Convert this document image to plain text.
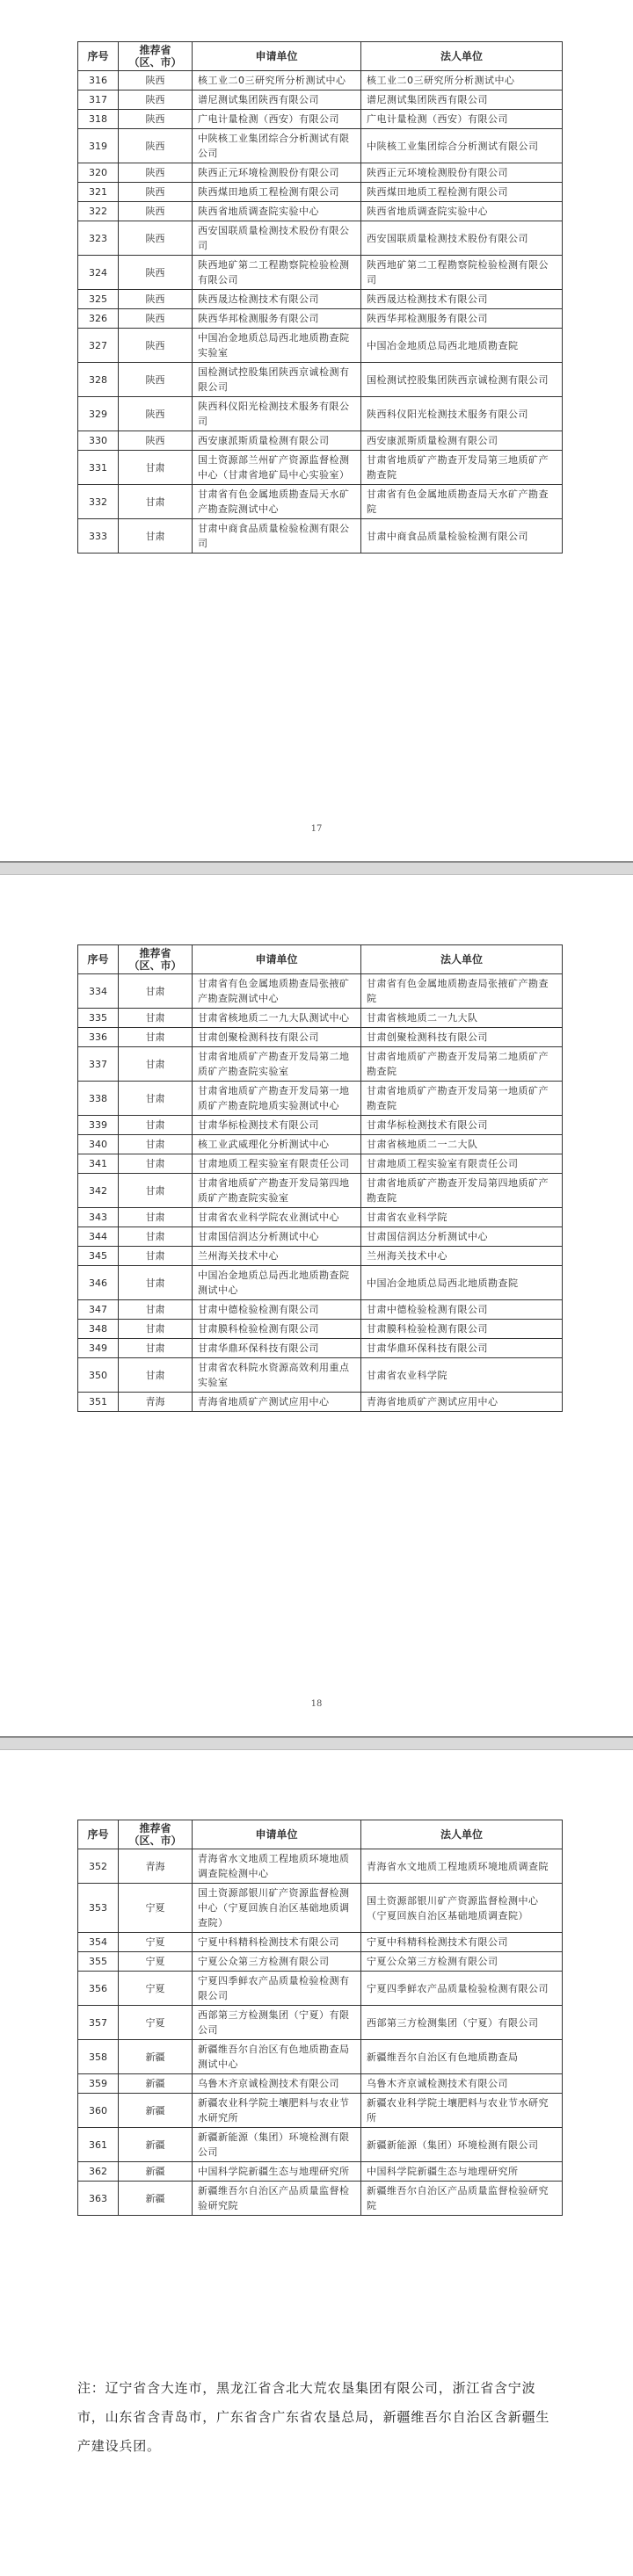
序号	推荐省（区、市）	申请单位	法人单位
316	陕西	核工业二0三研究所分析测试中心	核工业二0三研究所分析测试中心
317	陕西	谱尼测试集团陕西有限公司	谱尼测试集团陕西有限公司
318	陕西	广电计量检测（西安）有限公司	广电计量检测（西安）有限公司
319	陕西	中陕核工业集团综合分析测试有限公司	中陕核工业集团综合分析测试有限公司
320	陕西	陕西正元环境检测股份有限公司	陕西正元环境检测股份有限公司
321	陕西	陕西煤田地质工程检测有限公司	陕西煤田地质工程检测有限公司
322	陕西	陕西省地质调查院实验中心	陕西省地质调查院实验中心
323	陕西	西安国联质量检测技术股份有限公司	西安国联质量检测技术股份有限公司
324	陕西	陕西地矿第二工程勘察院检验检测有限公司	陕西地矿第二工程勘察院检验检测有限公司
325	陕西	陕西晟达检测技术有限公司	陕西晟达检测技术有限公司
326	陕西	陕西华邦检测服务有限公司	陕西华邦检测服务有限公司
327	陕西	中国冶金地质总局西北地质勘查院实验室	中国冶金地质总局西北地质勘查院
328	陕西	国检测试控股集团陕西京诚检测有限公司	国检测试控股集团陕西京诚检测有限公司
329	陕西	陕西科仪阳光检测技术服务有限公司	陕西科仪阳光检测技术服务有限公司
330	陕西	西安康派斯质量检测有限公司	西安康派斯质量检测有限公司
331	甘肃	国土资源部兰州矿产资源监督检测中心（甘肃省地矿局中心实验室）	甘肃省地质矿产勘查开发局第三地质矿产勘查院
332	甘肃	甘肃省有色金属地质勘查局天水矿产勘查院测试中心	甘肃省有色金属地质勘查局天水矿产勘查院
333	甘肃	甘肃中商食品质量检验检测有限公司	甘肃中商食品质量检验检测有限公司
17
序号	推荐省（区、市）	申请单位	法人单位
334	甘肃	甘肃省有色金属地质勘查局张掖矿产勘查院测试中心	甘肃省有色金属地质勘查局张掖矿产勘查院
335	甘肃	甘肃省核地质二一九大队测试中心	甘肃省核地质二一九大队
336	甘肃	甘肃创聚检测科技有限公司	甘肃创聚检测科技有限公司
337	甘肃	甘肃省地质矿产勘查开发局第二地质矿产勘查院实验室	甘肃省地质矿产勘查开发局第二地质矿产勘查院
338	甘肃	甘肃省地质矿产勘查开发局第一地质矿产勘查院地质实验测试中心	甘肃省地质矿产勘查开发局第一地质矿产勘查院
339	甘肃	甘肃华标检测技术有限公司	甘肃华标检测技术有限公司
340	甘肃	核工业武威理化分析测试中心	甘肃省核地质二一二大队
341	甘肃	甘肃地质工程实验室有限责任公司	甘肃地质工程实验室有限责任公司
342	甘肃	甘肃省地质矿产勘查开发局第四地质矿产勘查院实验室	甘肃省地质矿产勘查开发局第四地质矿产勘查院
343	甘肃	甘肃省农业科学院农业测试中心	甘肃省农业科学院
344	甘肃	甘肃国信润达分析测试中心	甘肃国信润达分析测试中心
345	甘肃	兰州海关技术中心	兰州海关技术中心
346	甘肃	中国冶金地质总局西北地质勘查院测试中心	中国冶金地质总局西北地质勘查院
347	甘肃	甘肃中德检验检测有限公司	甘肃中德检验检测有限公司
348	甘肃	甘肃膜科检验检测有限公司	甘肃膜科检验检测有限公司
349	甘肃	甘肃华鼎环保科技有限公司	甘肃华鼎环保科技有限公司
350	甘肃	甘肃省农科院水资源高效利用重点实验室	甘肃省农业科学院
351	青海	青海省地质矿产测试应用中心	青海省地质矿产测试应用中心
18
序号	推荐省（区、市）	申请单位	法人单位
352	青海	青海省水文地质工程地质环境地质调查院检测中心	青海省水文地质工程地质环境地质调查院
353	宁夏	国土资源部银川矿产资源监督检测中心（宁夏回族自治区基础地质调查院）	国土资源部银川矿产资源监督检测中心（宁夏回族自治区基础地质调查院）
354	宁夏	宁夏中科精科检测技术有限公司	宁夏中科精科检测技术有限公司
355	宁夏	宁夏公众第三方检测有限公司	宁夏公众第三方检测有限公司
356	宁夏	宁夏四季鲜农产品质量检验检测有限公司	宁夏四季鲜农产品质量检验检测有限公司
357	宁夏	西部第三方检测集团（宁夏）有限公司	西部第三方检测集团（宁夏）有限公司
358	新疆	新疆维吾尔自治区有色地质勘查局测试中心	新疆维吾尔自治区有色地质勘查局
359	新疆	乌鲁木齐京诚检测技术有限公司	乌鲁木齐京诚检测技术有限公司
360	新疆	新疆农业科学院土壤肥料与农业节水研究所	新疆农业科学院土壤肥料与农业节水研究所
361	新疆	新疆新能源（集团）环境检测有限公司	新疆新能源（集团）环境检测有限公司
362	新疆	中国科学院新疆生态与地理研究所	中国科学院新疆生态与地理研究所
363	新疆	新疆维吾尔自治区产品质量监督检验研究院	新疆维吾尔自治区产品质量监督检验研究院
注：辽宁省含大连市，黑龙江省含北大荒农垦集团有限公司，浙江省含宁波市，山东省含青岛市，广东省含广东省农垦总局，新疆维吾尔自治区含新疆生产建设兵团。
